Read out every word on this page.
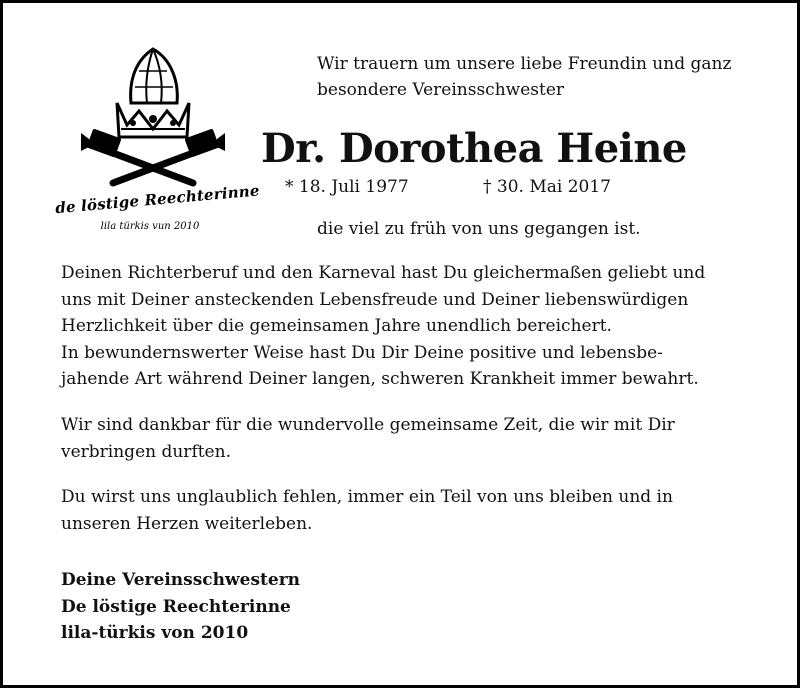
de löstige Reechterinne
lila türkis vun 2010
Wir trauern um unsere liebe Freundin und ganz
besondere Vereinsschwester
Dr. Dorothea Heine
* 18. Juli 1977	† 30. Mai 2017
die viel zu früh von uns gegangen ist.
Deinen Richterberuf und den Karneval hast Du gleichermaßen geliebt und
uns mit Deiner ansteckenden Lebensfreude und Deiner liebenswürdigen
Herzlichkeit über die gemeinsamen Jahre unendlich bereichert.
In bewundernswerter Weise hast Du Dir Deine positive und lebensbe-
jahende Art während Deiner langen, schweren Krankheit immer bewahrt.
Wir sind dankbar für die wundervolle gemeinsame Zeit, die wir mit Dir
verbringen durften.
Du wirst uns unglaublich fehlen, immer ein Teil von uns bleiben und in
unseren Herzen weiterleben.
Deine Vereinsschwestern
De löstige Reechterinne
lila-türkis von 2010
